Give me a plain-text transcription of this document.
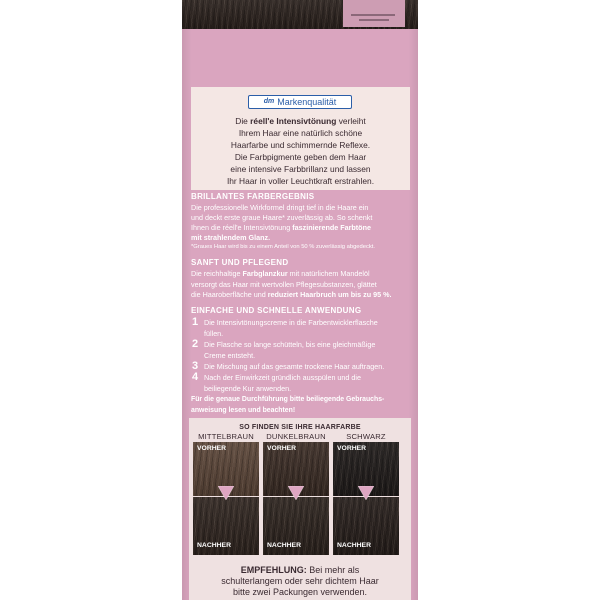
dm Markenqualität
Die réell'e Intensivtönung verleiht
Ihrem Haar eine natürlich schöne
Haarfarbe und schimmernde Reflexe.
Die Farbpigmente geben dem Haar
eine intensive Farbbrillanz und lassen
Ihr Haar in voller Leuchtkraft erstrahlen.
BRILLANTES FARBERGEBNIS
Die professionelle Wirkformel dringt tief in die Haare ein
und deckt erste graue Haare* zuverlässig ab. So schenkt
Ihnen die réell'e Intensivtönung faszinierende Farbtöne
mit strahlendem Glanz.
*Graues Haar wird bis zu einem Anteil von 50 % zuverlässig abgedeckt.
SANFT UND PFLEGEND
Die reichhaltige Farbglanzkur mit natürlichem Mandelöl
versorgt das Haar mit wertvollen Pflegesubstanzen, glättet
die Haaroberfläche und reduziert Haarbruch um bis zu 95 %.
EINFACHE UND SCHNELLE ANWENDUNG
1 Die Intensivtönungscreme in die Farbentwicklerflasche
füllen.
2 Die Flasche so lange schütteln, bis eine gleichmäßige
Creme entsteht.
3 Die Mischung auf das gesamte trockene Haar auftragen.
4 Nach der Einwirkzeit gründlich ausspülen und die
beiliegende Kur anwenden.
Für die genaue Durchführung bitte beiliegende Gebrauchs-
anweisung lesen und beachten!
SO FINDEN SIE IHRE HAARFARBE
MITTELBRAUN	DUNKELBRAUN	SCHWARZ
VORHER
NACHHER
VORHER
NACHHER
VORHER
NACHHER
EMPFEHLUNG: Bei mehr als
schulterlangem oder sehr dichtem Haar
bitte zwei Packungen verwenden.
